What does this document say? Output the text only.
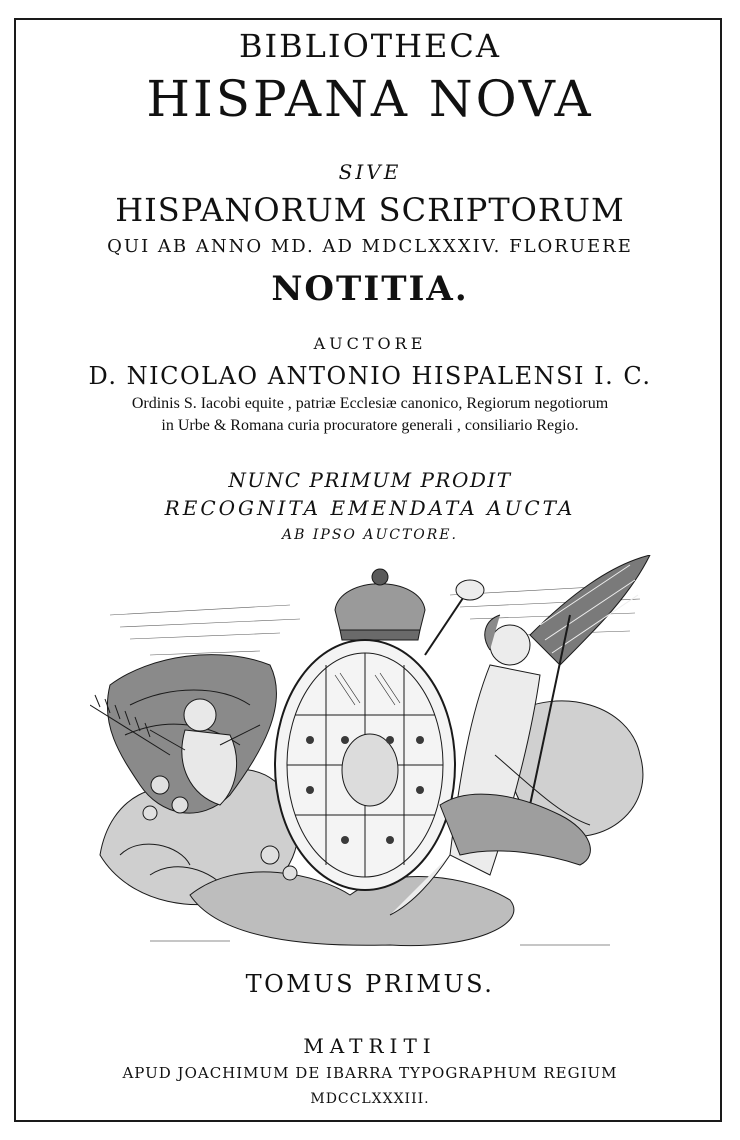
BIBLIOTHECA
HISPANA NOVA
SIVE
HISPANORUM SCRIPTORUM
QUI AB ANNO MD. AD MDCLXXXIV. FLORUERE
NOTITIA.
AUCTORE
D. NICOLAO ANTONIO HISPALENSI I. C.
Ordinis S. Iacobi equite , patriæ Ecclesiæ canonico, Regiorum negotiorum
in Urbe & Romana curia procuratore generali , consiliario Regio.
NUNC PRIMUM PRODIT
RECOGNITA EMENDATA AUCTA
AB IPSO AUCTORE.
TOMUS PRIMUS.
MATRITI
APUD JOACHIMUM DE IBARRA TYPOGRAPHUM REGIUM
MDCCLXXXIII.
